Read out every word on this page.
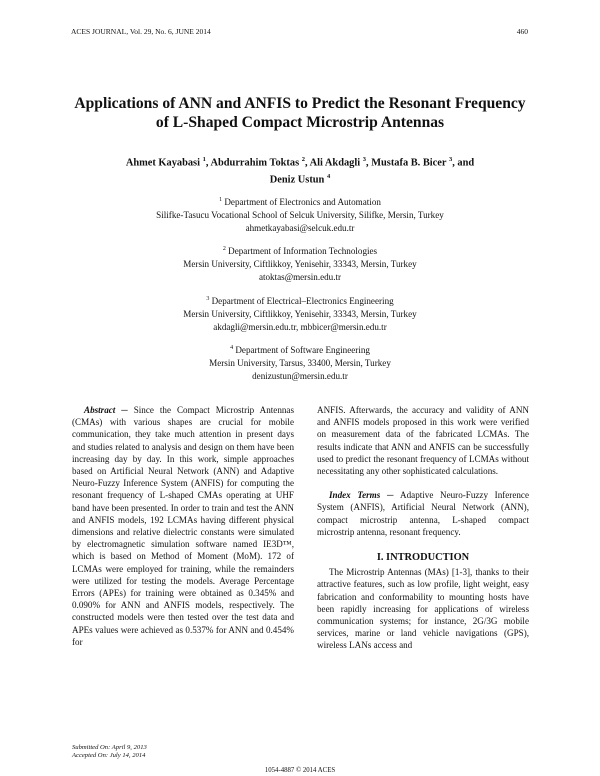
ACES JOURNAL, Vol. 29, No. 6, JUNE 2014	460
Applications of ANN and ANFIS to Predict the Resonant Frequency
of L-Shaped Compact Microstrip Antennas
Ahmet Kayabasi $^1$, Abdurrahim Toktas $^2$, Ali Akdagli $^3$, Mustafa B. Bicer $^3$, and
Deniz Ustun $^4$
$^1$ Department of Electronics and Automation
Silifke-Tasucu Vocational School of Selcuk University, Silifke, Mersin, Turkey
ahmetkayabasi@selcuk.edu.tr
$^2$ Department of Information Technologies
Mersin University, Ciftlikkoy, Yenisehir, 33343, Mersin, Turkey
atoktas@mersin.edu.tr
$^3$ Department of Electrical–Electronics Engineering
Mersin University, Ciftlikkoy, Yenisehir, 33343, Mersin, Turkey
akdagli@mersin.edu.tr, mbbicer@mersin.edu.tr
$^4$ Department of Software Engineering
Mersin University, Tarsus, 33400, Mersin, Turkey
denizustun@mersin.edu.tr

Abstract ─ Since the Compact Microstrip Antennas (CMAs) with various shapes are crucial for mobile communication, they take much attention in present days and studies related to analysis and design on them have been increasing day by day. In this work, simple approaches based on Artificial Neural Network (ANN) and Adaptive Neuro-Fuzzy Inference System (ANFIS) for computing the resonant frequency of L-shaped CMAs operating at UHF band have been presented. In order to train and test the ANN and ANFIS models, 192 LCMAs having different physical dimensions and relative dielectric constants were simulated by electromagnetic simulation software named IE3D™, which is based on Method of Moment (MoM). 172 of LCMAs were employed for training, while the remainders were utilized for testing the models. Average Percentage Errors (APEs) for training were obtained as 0.345% and 0.090% for ANN and ANFIS models, respectively. The constructed models were then tested over the test data and APEs values were achieved as 0.537% for ANN and 0.454% for

ANFIS. Afterwards, the accuracy and validity of ANN and ANFIS models proposed in this work were verified on measurement data of the fabricated LCMAs. The results indicate that ANN and ANFIS can be successfully used to predict the resonant frequency of LCMAs without necessitating any other sophisticated calculations.

Index Terms ─ Adaptive Neuro-Fuzzy Inference System (ANFIS), Artificial Neural Network (ANN), compact microstrip antenna, L-shaped compact microstrip antenna, resonant frequency.

I. INTRODUCTION

The Microstrip Antennas (MAs) [1-3], thanks to their attractive features, such as low profile, light weight, easy fabrication and conformability to mounting hosts have been rapidly increasing for applications of wireless communication systems; for instance, 2G/3G mobile services, marine or land vehicle navigations (GPS), wireless LANs access and

Submitted On: April 9, 2013
Accepted On: July 14, 2014
1054-4887 © 2014 ACES
